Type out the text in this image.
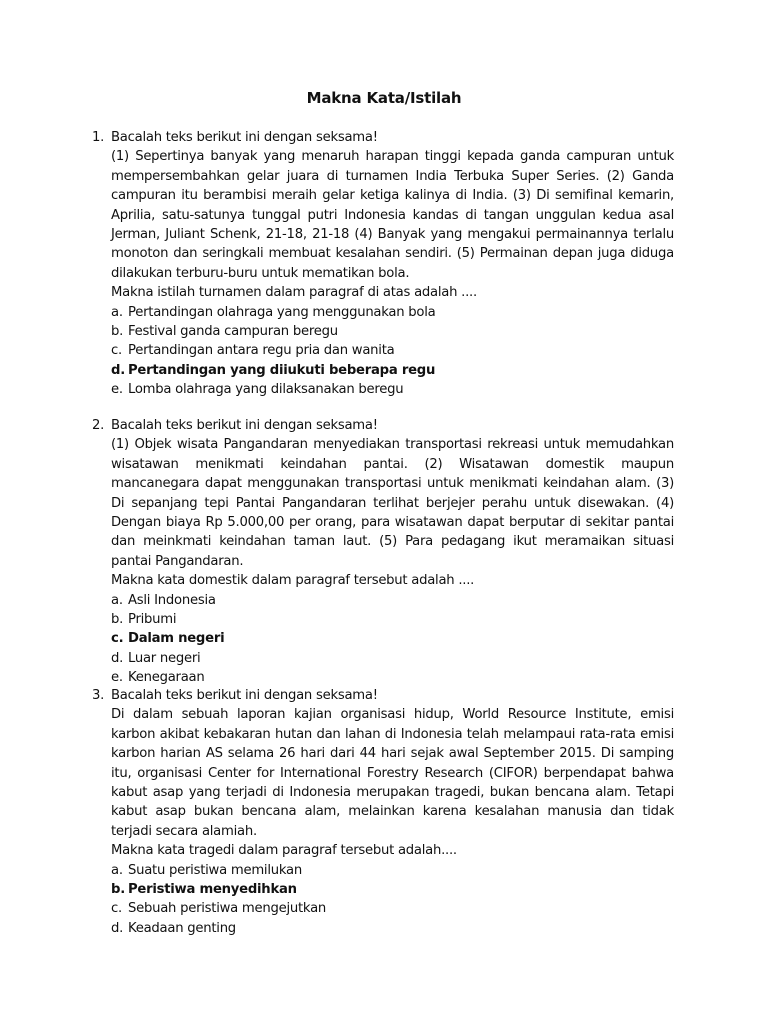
Makna Kata/Istilah
1. Bacalah teks berikut ini dengan seksama!
(1) Sepertinya banyak yang menaruh harapan tinggi kepada ganda campuran untuk mempersembahkan gelar juara di turnamen India Terbuka Super Series. (2) Ganda campuran itu berambisi meraih gelar ketiga kalinya di India. (3) Di semifinal kemarin, Aprilia, satu-satunya tunggal putri Indonesia kandas di tangan unggulan kedua asal Jerman, Juliant Schenk, 21-18, 21-18 (4) Banyak yang mengakui permainannya terlalu monoton dan seringkali membuat kesalahan sendiri. (5) Permainan depan juga diduga dilakukan terburu-buru untuk mematikan bola.
Makna istilah turnamen dalam paragraf di atas adalah ....
a. Pertandingan olahraga yang menggunakan bola
b. Festival ganda campuran beregu
c. Pertandingan antara regu pria dan wanita
d. Pertandingan yang diiukuti beberapa regu
e. Lomba olahraga yang dilaksanakan beregu
2. Bacalah teks berikut ini dengan seksama!
(1) Objek wisata Pangandaran menyediakan transportasi rekreasi untuk memudahkan wisatawan menikmati keindahan pantai. (2) Wisatawan domestik maupun mancanegara dapat menggunakan transportasi untuk menikmati keindahan alam. (3) Di sepanjang tepi Pantai Pangandaran terlihat berjejer perahu untuk disewakan. (4) Dengan biaya Rp 5.000,00 per orang, para wisatawan dapat berputar di sekitar pantai dan meinkmati keindahan taman laut. (5) Para pedagang ikut meramaikan situasi pantai Pangandaran.
Makna kata domestik dalam paragraf tersebut adalah ....
a. Asli Indonesia
b. Pribumi
c. Dalam negeri
d. Luar negeri
e. Kenegaraan
3. Bacalah teks berikut ini dengan seksama!
Di dalam sebuah laporan kajian organisasi hidup, World Resource Institute, emisi karbon akibat kebakaran hutan dan lahan di Indonesia telah melampaui rata-rata emisi karbon harian AS selama 26 hari dari 44 hari sejak awal September 2015. Di samping itu, organisasi Center for International Forestry Research (CIFOR) berpendapat bahwa kabut asap yang terjadi di Indonesia merupakan tragedi, bukan bencana alam. Tetapi kabut asap bukan bencana alam, melainkan karena kesalahan manusia dan tidak terjadi secara alamiah.
Makna kata tragedi dalam paragraf tersebut adalah....
a. Suatu peristiwa memilukan
b. Peristiwa menyedihkan
c. Sebuah peristiwa mengejutkan
d. Keadaan genting
